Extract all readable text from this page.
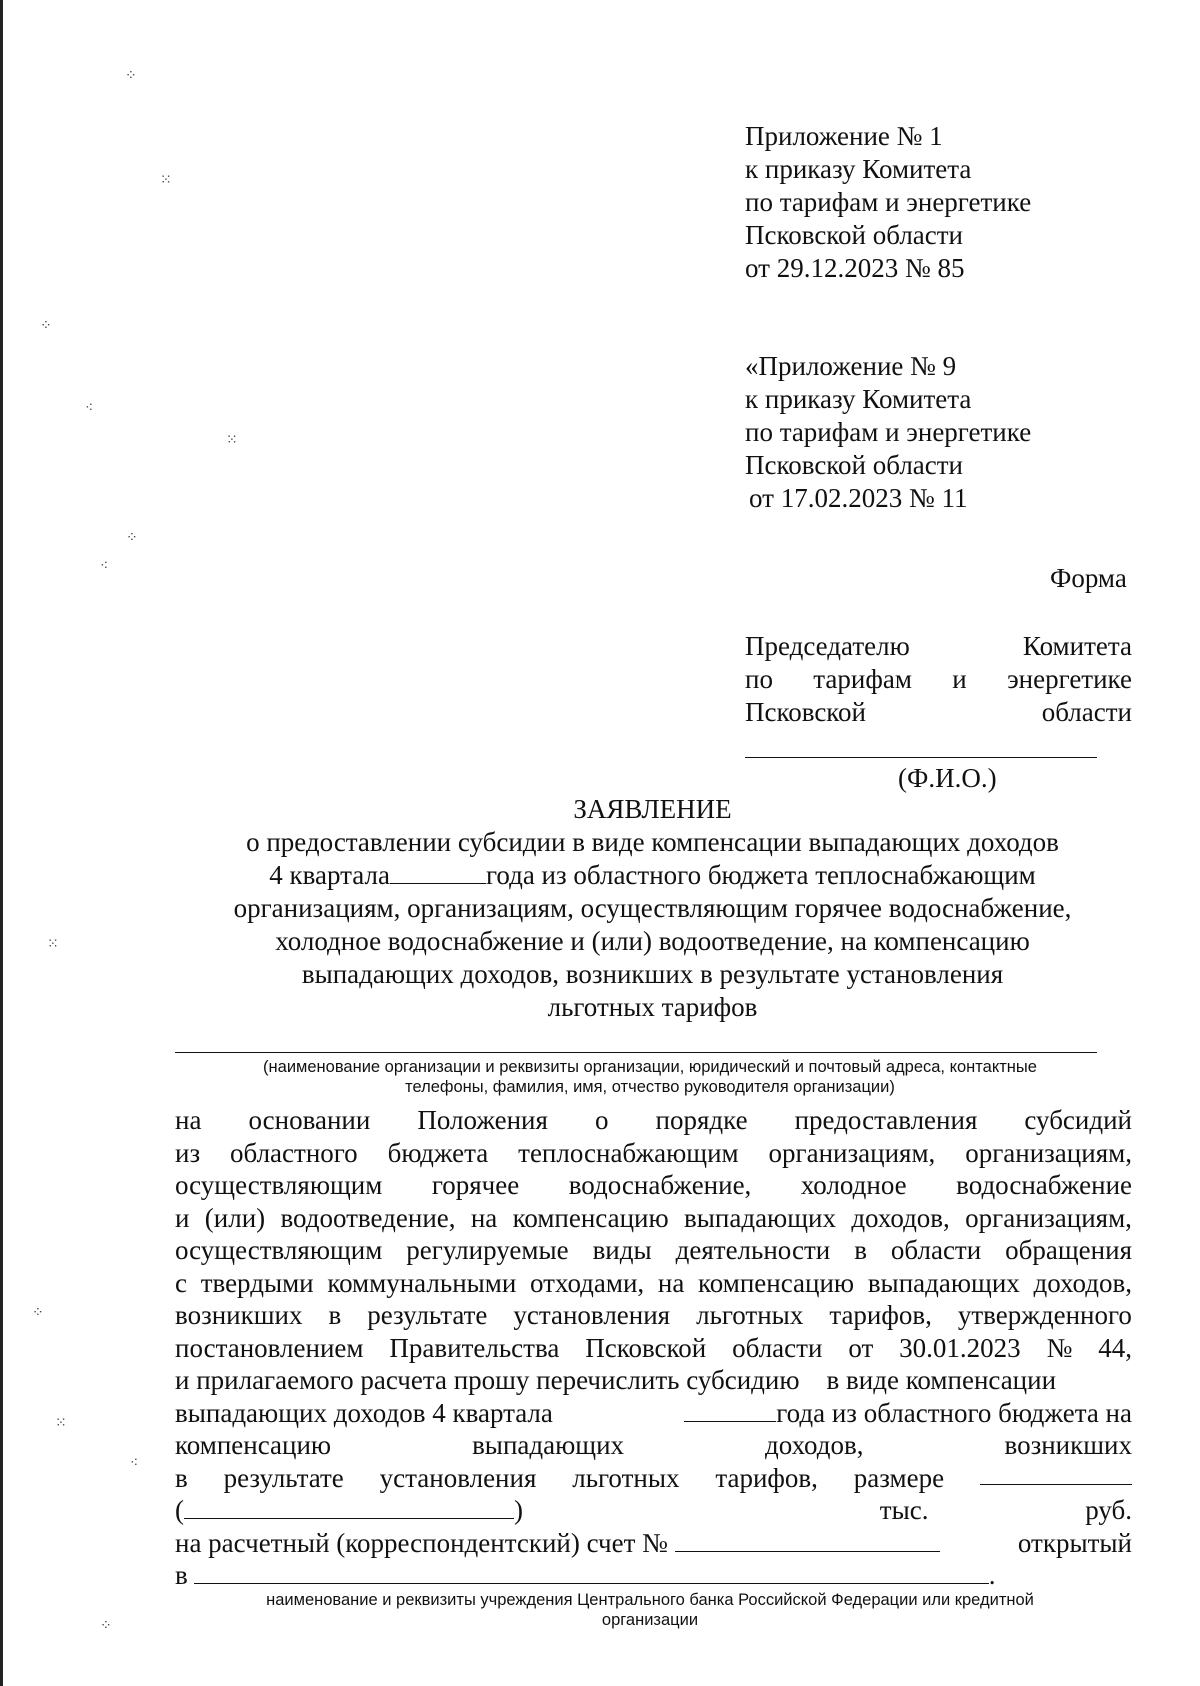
⁘
⁙
⁘
⁖
⁙
⁘
⁖
⁙
⁘
⁙
⁖
⁘
Приложение № 1
к приказу Комитета
по тарифам и энергетике
Псковской области
от 29.12.2023 № 85
«Приложение № 9
к приказу Комитета
по тарифам и энергетике
Псковской области
от 17.02.2023 № 11
Форма
Председателю	Комитета
по тарифам и энергетике
Псковской	области
(Ф.И.О.)
ЗАЯВЛЕНИЕ
о предоставлении субсидии в виде компенсации выпадающих доходов
4 квартала	года из областного бюджета теплоснабжающим
организациям, организациям, осуществляющим горячее водоснабжение,
холодное водоснабжение и (или) водоотведение, на компенсацию
выпадающих доходов, возникших в результате установления
льготных тарифов
(наименование организации и реквизиты организации, юридический и почтовый адреса, контактные
телефоны, фамилия, имя, отчество руководителя организации)
на основании Положения о порядке предоставления субсидий
из областного бюджета теплоснабжающим организациям, организациям,
осуществляющим горячее водоснабжение, холодное водоснабжение
и (или) водоотведение, на компенсацию выпадающих доходов, организациям,
осуществляющим регулируемые виды деятельности в области обращения
с твердыми коммунальными отходами, на компенсацию выпадающих доходов,
возникших в результате установления льготных тарифов, утвержденного
постановлением Правительства Псковской области от 30.01.2023 № 44,
и прилагаемого расчета прошу перечислить субсидию    в виде компенсации
выпадающих доходов 4 квартала	года из областного бюджета на
компенсацию	выпадающих	доходов,	возникших
в результате установления льготных тарифов, размере
(	)	тыс.	руб.
на расчетный (корреспондентский) счет №	открытый
в	.
наименование и реквизиты учреждения Центрального банка Российской Федерации или кредитной
организации
